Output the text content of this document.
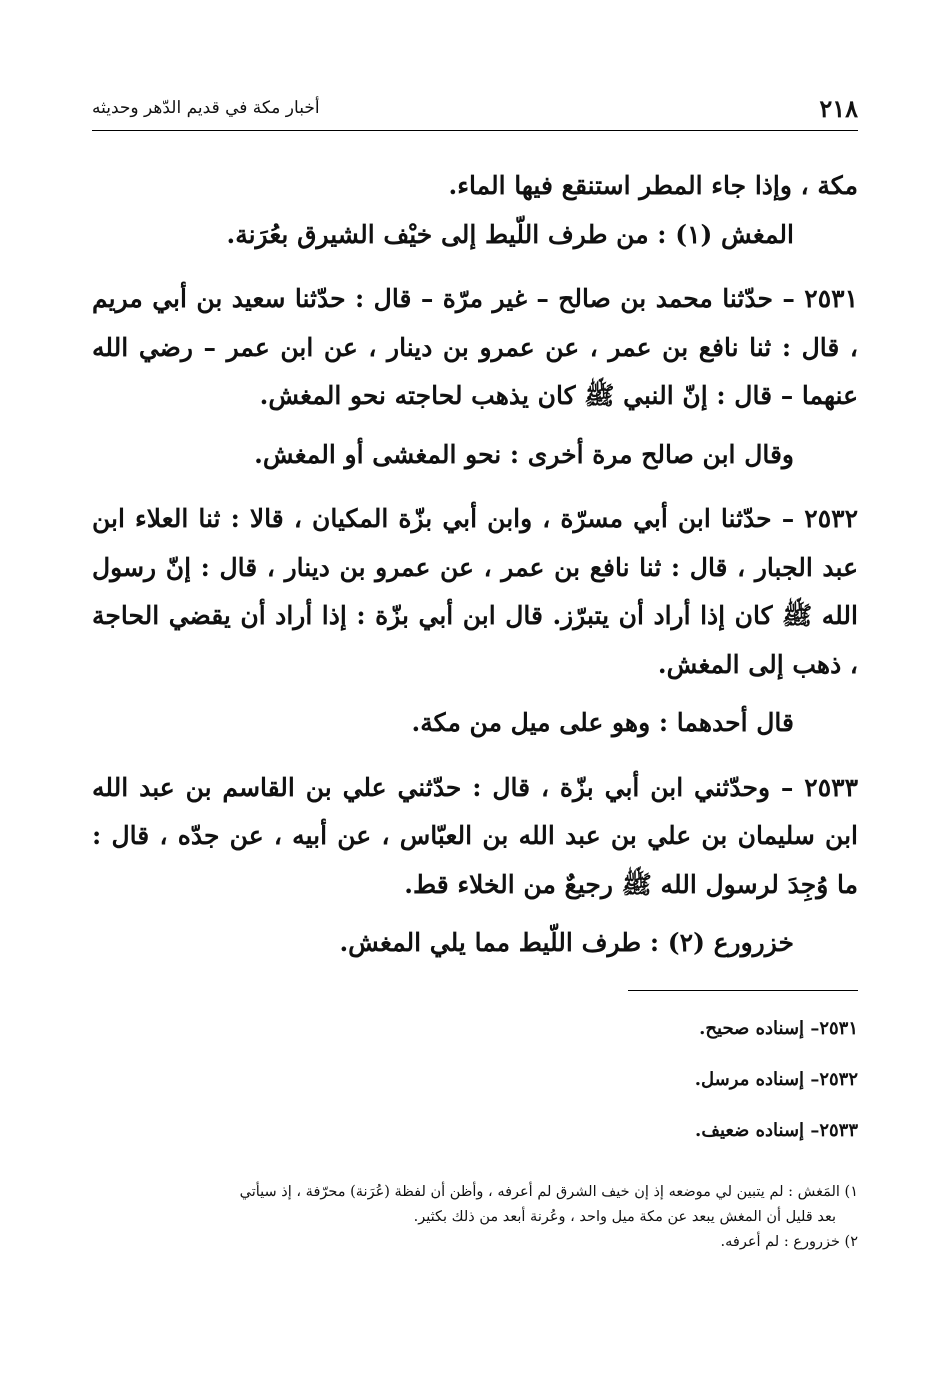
٢١٨
أخبار مكة في قديم الدّهر وحديثه

مكة ، وإذا جاء المطر استنقع فيها الماء.

المغش (١) : من طرف اللّيط إلى خيْف الشيرق بعُرَنة.

٢٥٣١ – حدّثنا محمد بن صالح – غير مرّة – قال : حدّثنا سعيد بن أبي مريم ، قال : ثنا نافع بن عمر ، عن عمرو بن دينار ، عن ابن عمر – رضي الله عنهما – قال : إنّ النبي ﷺ كان يذهب لحاجته نحو المغش.

وقال ابن صالح مرة أخرى : نحو المغشى أو المغش.

٢٥٣٢ – حدّثنا ابن أبي مسرّة ، وابن أبي بزّة المكيان ، قالا : ثنا العلاء ابن عبد الجبار ، قال : ثنا نافع بن عمر ، عن عمرو بن دينار ، قال : إنّ رسول الله ﷺ كان إذا أراد أن يتبرّز. قال ابن أبي بزّة : إذا أراد أن يقضي الحاجة ، ذهب إلى المغش.

قال أحدهما : وهو على ميل من مكة.

٢٥٣٣ – وحدّثني ابن أبي بزّة ، قال : حدّثني علي بن القاسم بن عبد الله ابن سليمان بن علي بن عبد الله بن العبّاس ، عن أبيه ، عن جدّه ، قال : ما وُجِدَ لرسول الله ﷺ رجيعٌ من الخلاء قط.

خزرورع (٢) : طرف اللّيط مما يلي المغش.

٢٥٣١– إسناده صحيح.
٢٥٣٢– إسناده مرسل.
٢٥٣٣– إسناده ضعيف.

١) المَغش : لم يتبين لي موضعه إذ إن خيف الشرق لم أعرفه ، وأظن أن لفظة (عُرَنة) محرّفة ، إذ سيأتي

بعد قليل أن المغش يبعد عن مكة ميل واحد ، وعُرنة أبعد من ذلك بكثير.

٢) خزرورع : لم أعرفه.
